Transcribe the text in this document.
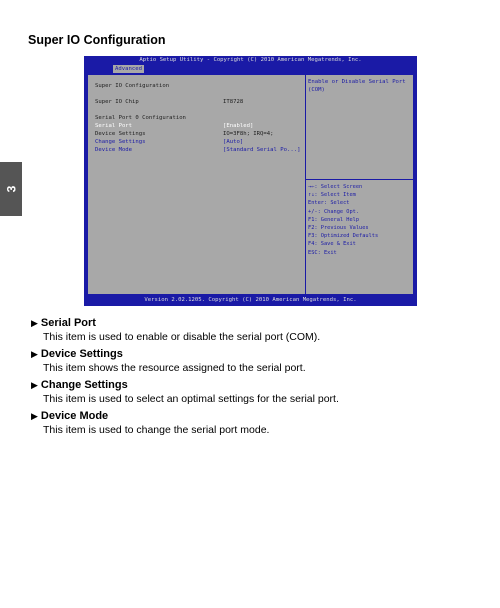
Super IO Configuration
3
Aptio Setup Utility - Copyright (C) 2010 American Megatrends, Inc.
Advanced
Super IO Configuration
Super IO Chip	IT8728
Serial Port 0 Configuration
Serial Port	[Enabled]
Device Settings	IO=3F8h; IRQ=4;
Change Settings	[Auto]
Device Mode	[Standard Serial Po...]
Enable or Disable Serial Port (COM)
→←: Select Screen
↑↓: Select Item
Enter: Select
+/-: Change Opt.
F1: General Help
F2: Previous Values
F3: Optimized Defaults
F4: Save & Exit
ESC: Exit
Version 2.02.1205. Copyright (C) 2010 American Megatrends, Inc.
▶ Serial Port
This item is used to enable or disable the serial port (COM).
▶ Device Settings
This item shows the resource assigned to the serial port.
▶ Change Settings
This item is used to select an optimal settings for the serial port.
▶ Device Mode
This item is used to change the serial port mode.
